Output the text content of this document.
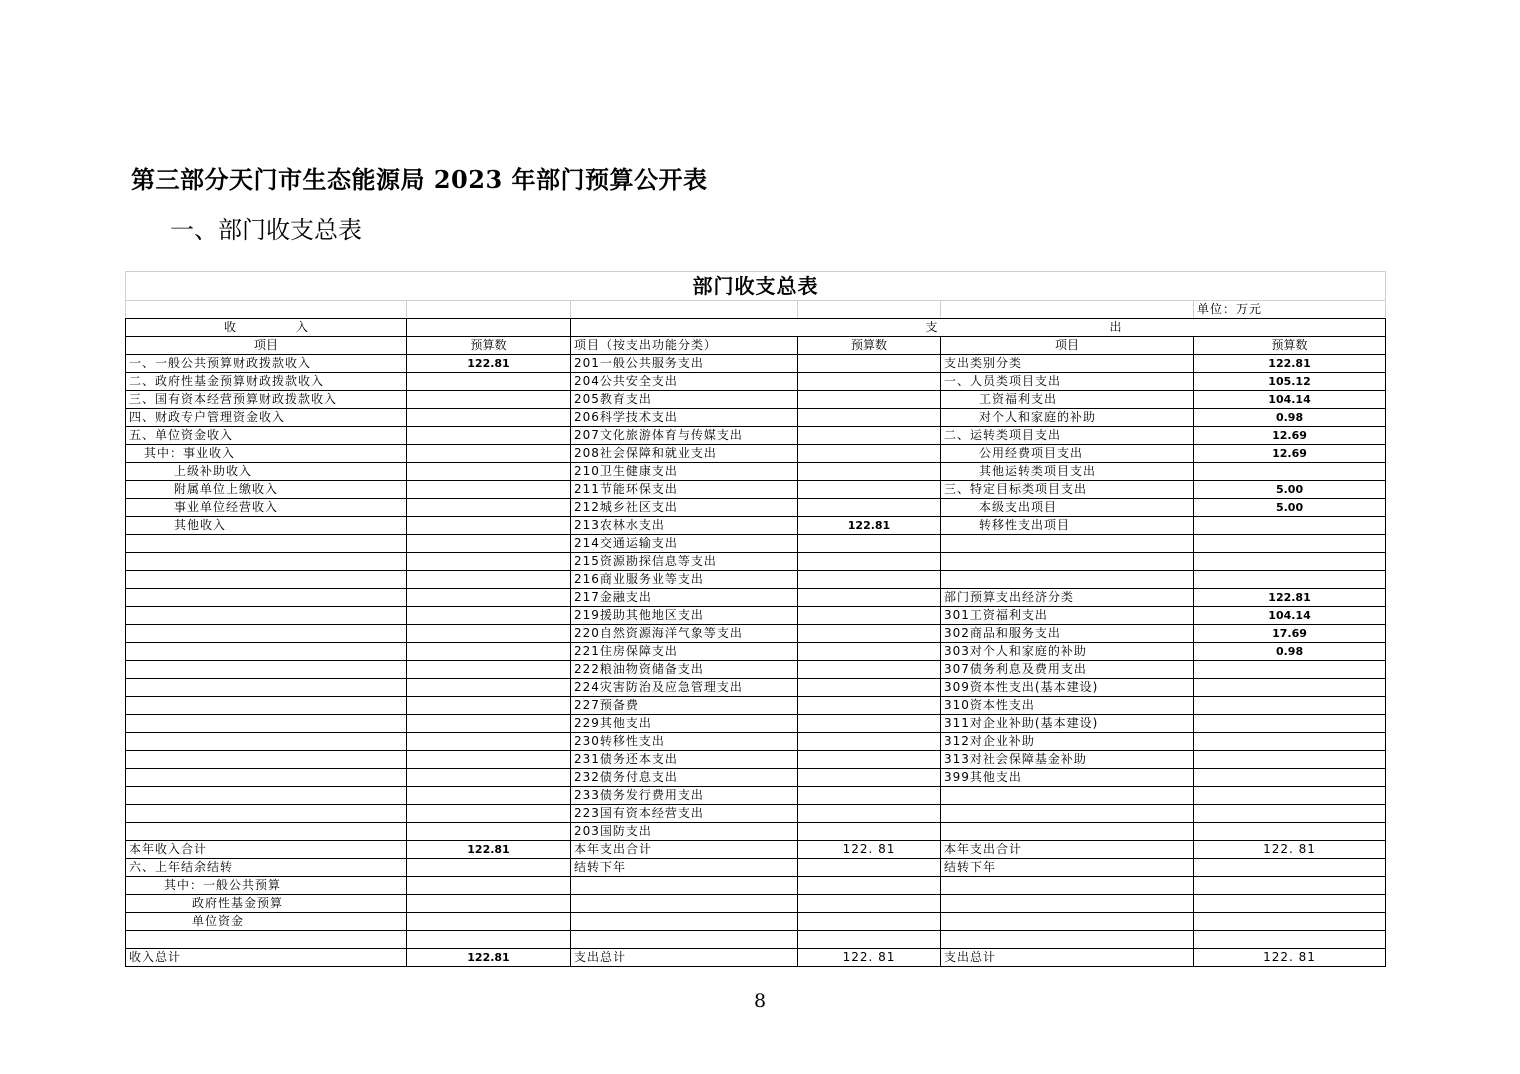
第三部分天门市生态能源局 2023 年部门预算公开表
一、部门收支总表
部门收支总表					
					单位：万元
收　　　　　入			支	出	
项目	预算数	项目（按支出功能分类）	预算数	项目	预算数
一、一般公共预算财政拨款收入	122.81	201一般公共服务支出		支出类别分类	122.81
二、政府性基金预算财政拨款收入		204公共安全支出		一、人员类项目支出	105.12
三、国有资本经营预算财政拨款收入		205教育支出		工资福利支出	104.14
四、财政专户管理资金收入		206科学技术支出		对个人和家庭的补助	0.98
五、单位资金收入		207文化旅游体育与传媒支出		二、运转类项目支出	12.69
其中：事业收入		208社会保障和就业支出		公用经费项目支出	12.69
上级补助收入		210卫生健康支出		其他运转类项目支出	
附属单位上缴收入		211节能环保支出		三、特定目标类项目支出	5.00
事业单位经营收入		212城乡社区支出		本级支出项目	5.00
其他收入		213农林水支出	122.81	转移性支出项目	
		214交通运输支出			
		215资源勘探信息等支出			
		216商业服务业等支出			
		217金融支出		部门预算支出经济分类	122.81
		219援助其他地区支出		301工资福利支出	104.14
		220自然资源海洋气象等支出		302商品和服务支出	17.69
		221住房保障支出		303对个人和家庭的补助	0.98
		222粮油物资储备支出		307债务利息及费用支出	
		224灾害防治及应急管理支出		309资本性支出(基本建设)	
		227预备费		310资本性支出	
		229其他支出		311对企业补助(基本建设)	
		230转移性支出		312对企业补助	
		231债务还本支出		313对社会保障基金补助	
		232债务付息支出		399其他支出	
		233债务发行费用支出			
		223国有资本经营支出			
		203国防支出			
本年收入合计	122.81	本年支出合计	122. 81	本年支出合计	122. 81
六、上年结余结转		结转下年		结转下年	
其中：一般公共预算					
政府性基金预算					
单位资金					

收入总计	122.81	支出总计	122. 81	支出总计	122. 81
8
